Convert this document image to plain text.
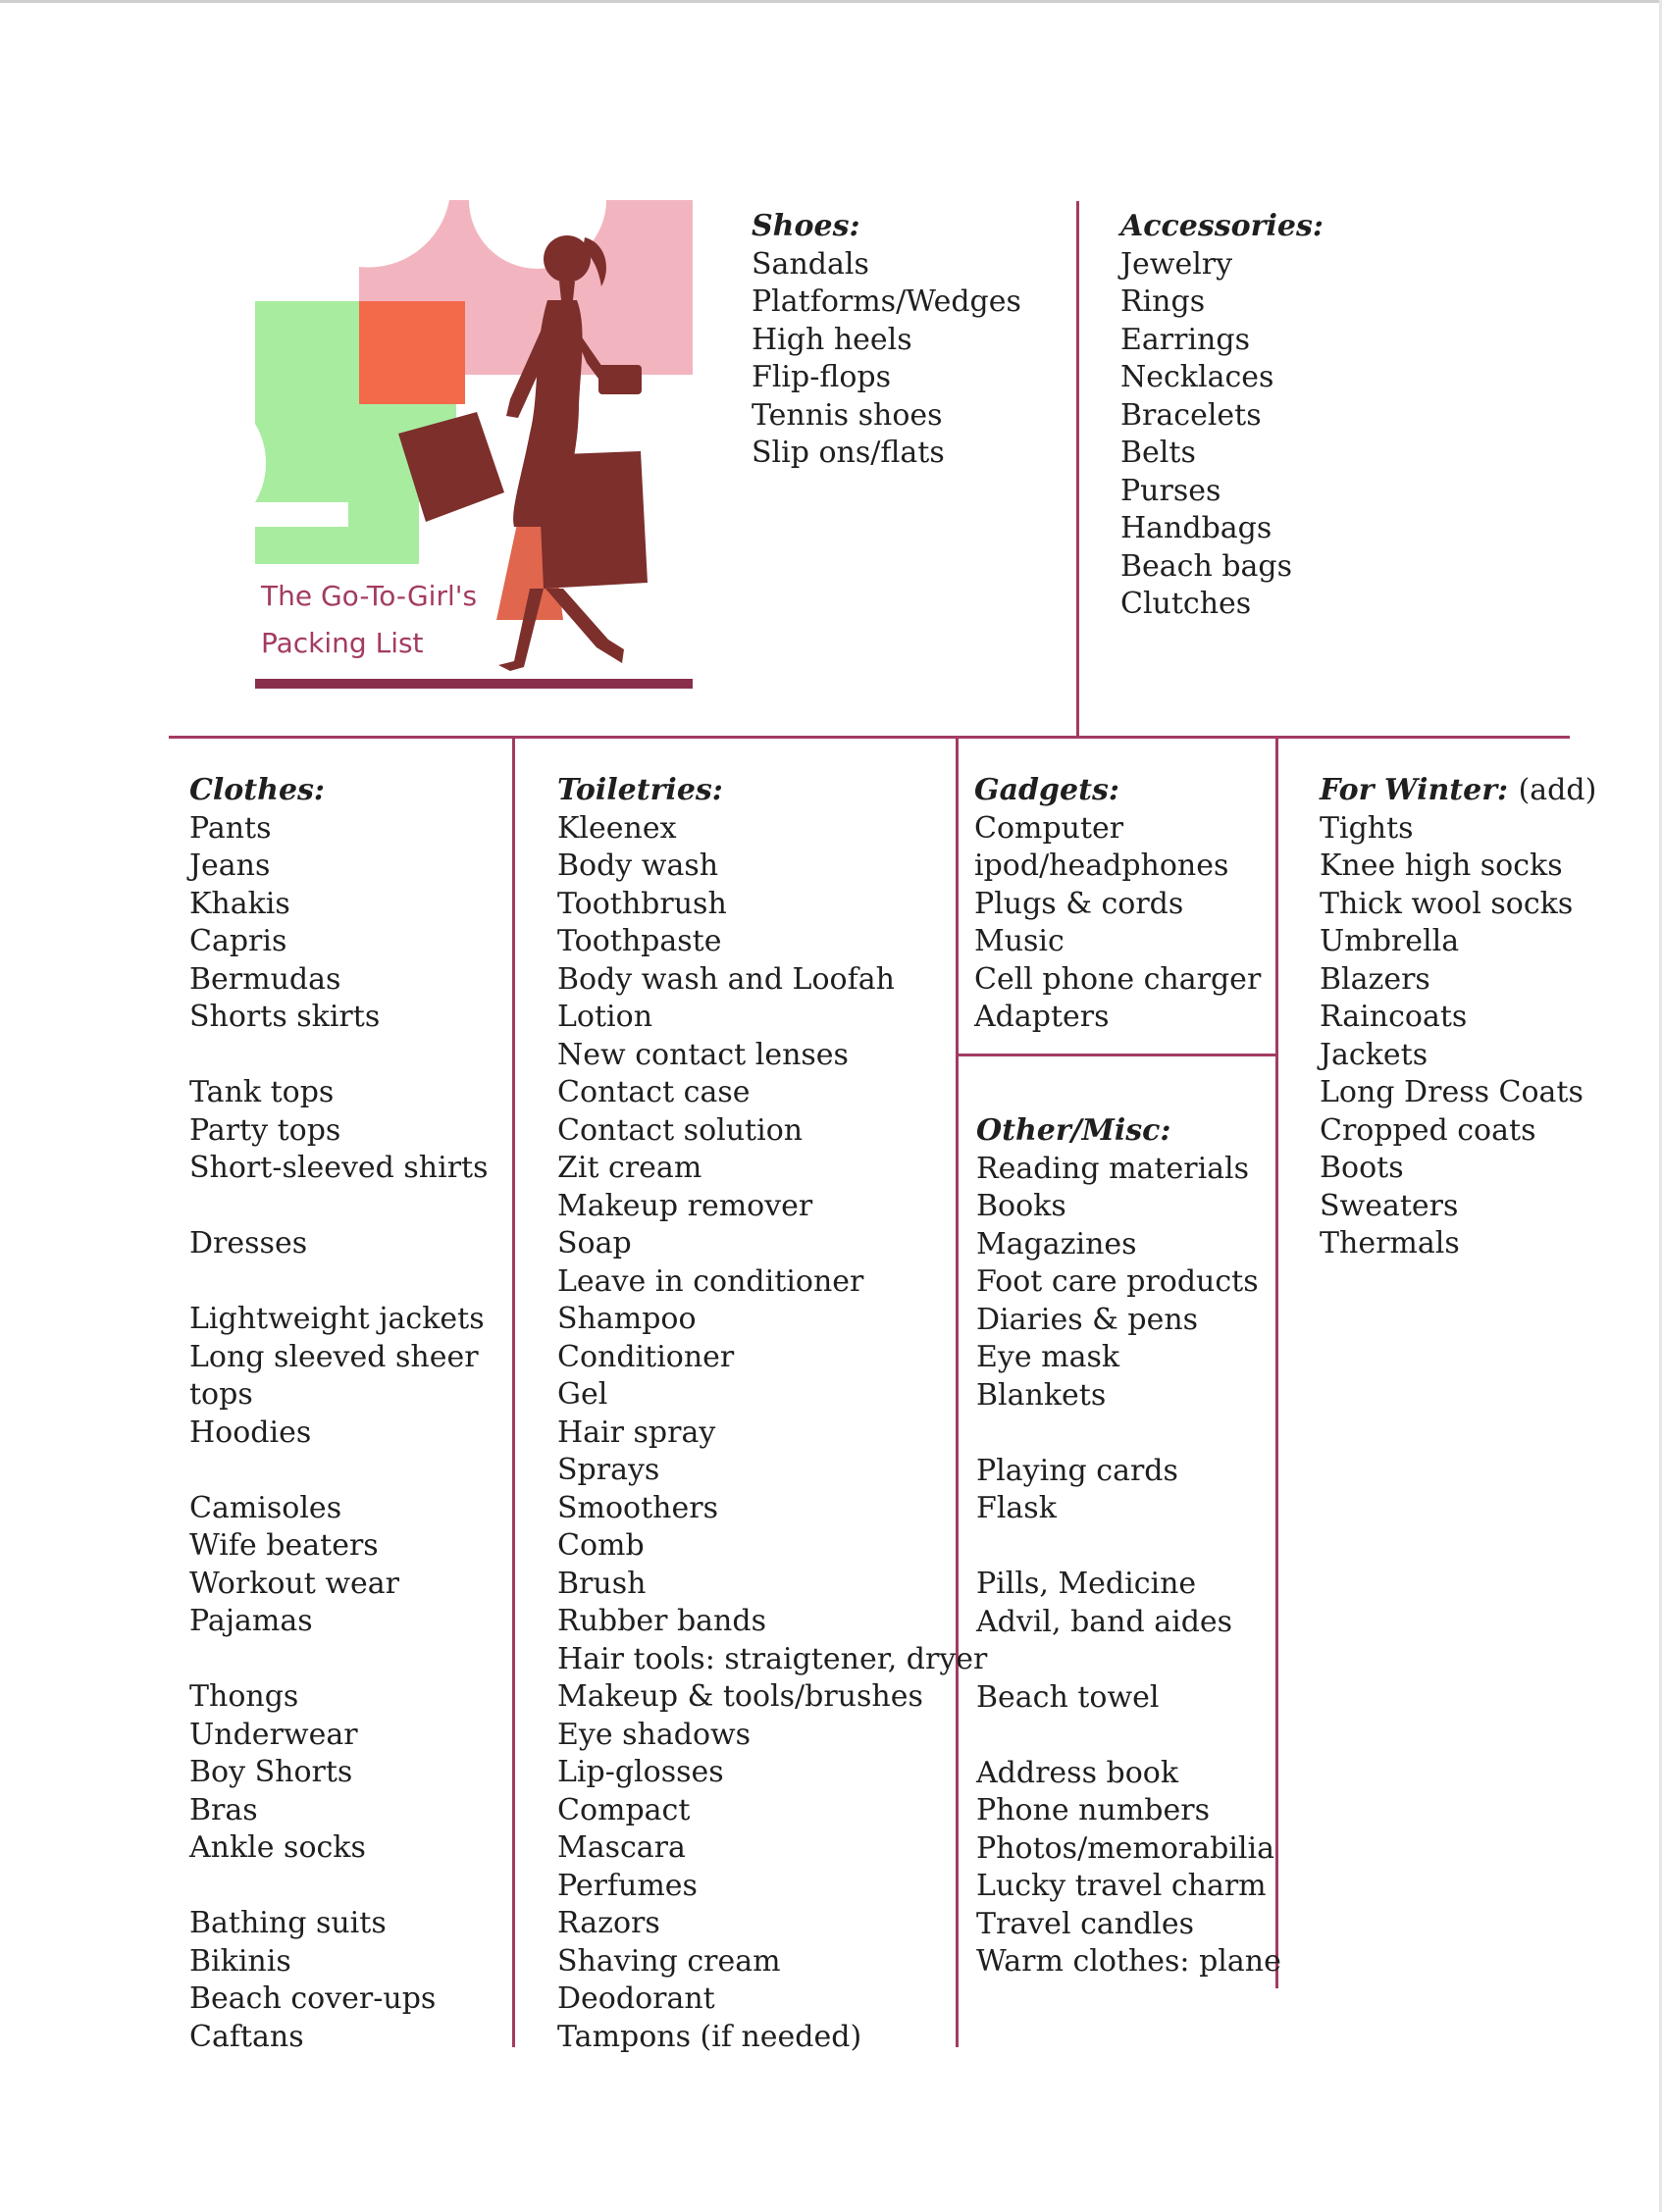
The Go-To-Girl's
Packing List
Shoes:
Sandals
Platforms/Wedges
High heels
Flip-flops
Tennis shoes
Slip ons/flats
Accessories:
Jewelry
Rings
Earrings
Necklaces
Bracelets
Belts
Purses
Handbags
Beach bags
Clutches
Clothes:
Pants
Jeans
Khakis
Capris
Bermudas
Shorts skirts
Tank tops
Party tops
Short-sleeved shirts
Dresses
Lightweight jackets
Long sleeved sheer
tops
Hoodies
Camisoles
Wife beaters
Workout wear
Pajamas
Thongs
Underwear
Boy Shorts
Bras
Ankle socks
Bathing suits
Bikinis
Beach cover-ups
Caftans
Toiletries:
Kleenex
Body wash
Toothbrush
Toothpaste
Body wash and Loofah
Lotion
New contact lenses
Contact case
Contact solution
Zit cream
Makeup remover
Soap
Leave in conditioner
Shampoo
Conditioner
Gel
Hair spray
Sprays
Smoothers
Comb
Brush
Rubber bands
Hair tools: straigtener, dryer
Makeup & tools/brushes
Eye shadows
Lip-glosses
Compact
Mascara
Perfumes
Razors
Shaving cream
Deodorant
Tampons (if needed)
Gadgets:
Computer
ipod/headphones
Plugs & cords
Music
Cell phone charger
Adapters
Other/Misc:
Reading materials
Books
Magazines
Foot care products
Diaries & pens
Eye mask
Blankets
Playing cards
Flask
Pills, Medicine
Advil, band aides
Beach towel
Address book
Phone numbers
Photos/memorabilia
Lucky travel charm
Travel candles
Warm clothes: plane
For Winter: (add)
Tights
Knee high socks
Thick wool socks
Umbrella
Blazers
Raincoats
Jackets
Long Dress Coats
Cropped coats
Boots
Sweaters
Thermals
